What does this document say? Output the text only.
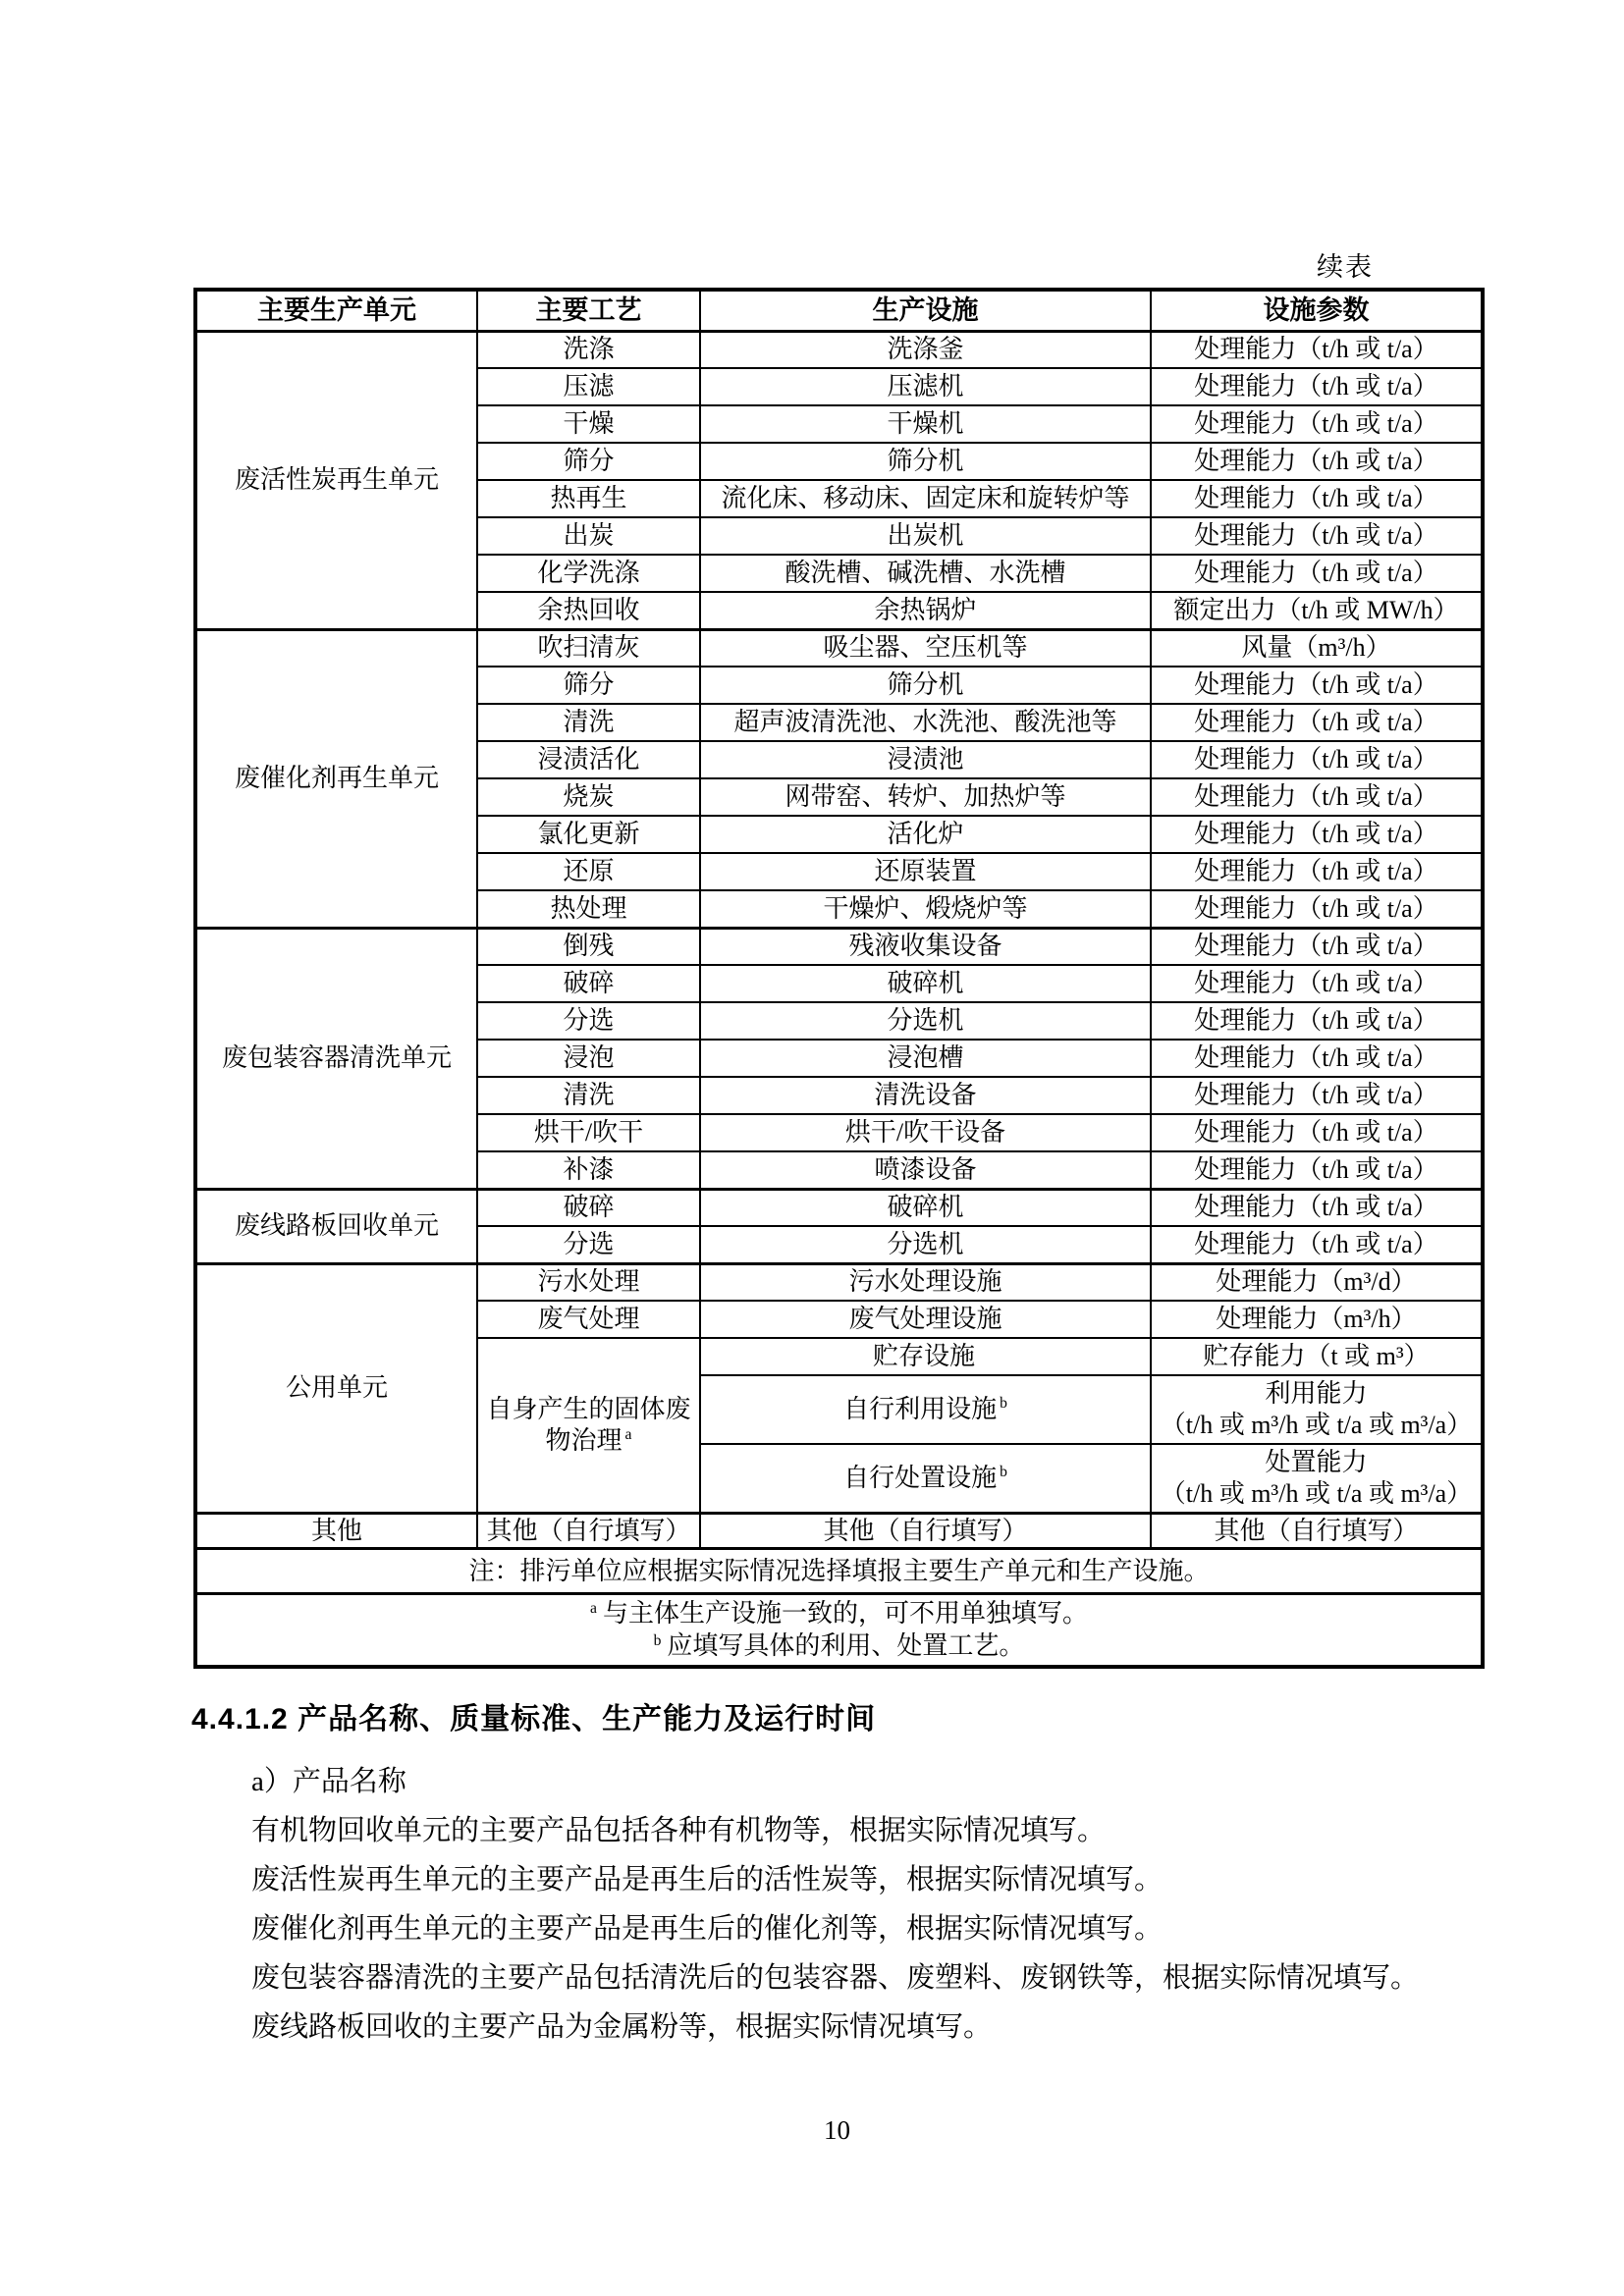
续表
主要生产单元	主要工艺	生产设施	设施参数
废活性炭再生单元	洗涤	洗涤釜	处理能力（t/h 或 t/a）
	压滤	压滤机	处理能力（t/h 或 t/a）
	干燥	干燥机	处理能力（t/h 或 t/a）
	筛分	筛分机	处理能力（t/h 或 t/a）
	热再生	流化床、移动床、固定床和旋转炉等	处理能力（t/h 或 t/a）
	出炭	出炭机	处理能力（t/h 或 t/a）
	化学洗涤	酸洗槽、碱洗槽、水洗槽	处理能力（t/h 或 t/a）
	余热回收	余热锅炉	额定出力（t/h 或 MW/h）
废催化剂再生单元	吹扫清灰	吸尘器、空压机等	风量（m³/h）
	筛分	筛分机	处理能力（t/h 或 t/a）
	清洗	超声波清洗池、水洗池、酸洗池等	处理能力（t/h 或 t/a）
	浸渍活化	浸渍池	处理能力（t/h 或 t/a）
	烧炭	网带窑、转炉、加热炉等	处理能力（t/h 或 t/a）
	氯化更新	活化炉	处理能力（t/h 或 t/a）
	还原	还原装置	处理能力（t/h 或 t/a）
	热处理	干燥炉、煅烧炉等	处理能力（t/h 或 t/a）
废包装容器清洗单元	倒残	残液收集设备	处理能力（t/h 或 t/a）
	破碎	破碎机	处理能力（t/h 或 t/a）
	分选	分选机	处理能力（t/h 或 t/a）
	浸泡	浸泡槽	处理能力（t/h 或 t/a）
	清洗	清洗设备	处理能力（t/h 或 t/a）
	烘干/吹干	烘干/吹干设备	处理能力（t/h 或 t/a）
	补漆	喷漆设备	处理能力（t/h 或 t/a）
废线路板回收单元	破碎	破碎机	处理能力（t/h 或 t/a）
	分选	分选机	处理能力（t/h 或 t/a）
公用单元	污水处理	污水处理设施	处理能力（m³/d）
	废气处理	废气处理设施	处理能力（m³/h）
	自身产生的固体废物治理 $^a$	贮存设施	贮存能力（t 或 m³）

		自行利用设施 $^b$	利用能力
（t/h 或 m³/h 或 t/a 或 m³/a）

		自行处置设施 $^b$	处置能力
（t/h 或 m³/h 或 t/a 或 m³/a）

其他	其他（自行填写）	其他（自行填写）	其他（自行填写）
注：排污单位应根据实际情况选择填报主要生产单元和生产设施。			

$^a$ 与主体生产设施一致的，可不用单独填写。
$^b$ 应填写具体的利用、处置工艺。			
4.4.1.2 产品名称、质量标准、生产能力及运行时间

a）产品名称

有机物回收单元的主要产品包括各种有机物等，根据实际情况填写。

废活性炭再生单元的主要产品是再生后的活性炭等，根据实际情况填写。

废催化剂再生单元的主要产品是再生后的催化剂等，根据实际情况填写。

废包装容器清洗的主要产品包括清洗后的包装容器、废塑料、废钢铁等，根据实际情况填写。

废线路板回收的主要产品为金属粉等，根据实际情况填写。

10
